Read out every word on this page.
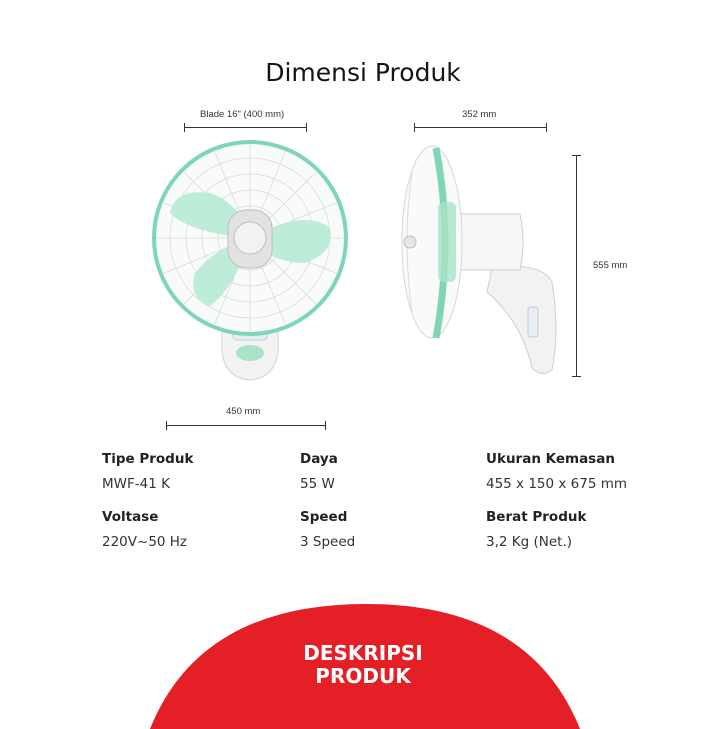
Dimensi Produk
Blade 16" (400 mm)	352 mm
555 mm
450 mm
Tipe Produk
MWF-41 K
Daya
55 W
Ukuran Kemasan
455 x 150 x 675 mm
Voltase
220V~50 Hz
Speed
3 Speed
Berat Produk
3,2 Kg (Net.)
DESKRIPSI
PRODUK
